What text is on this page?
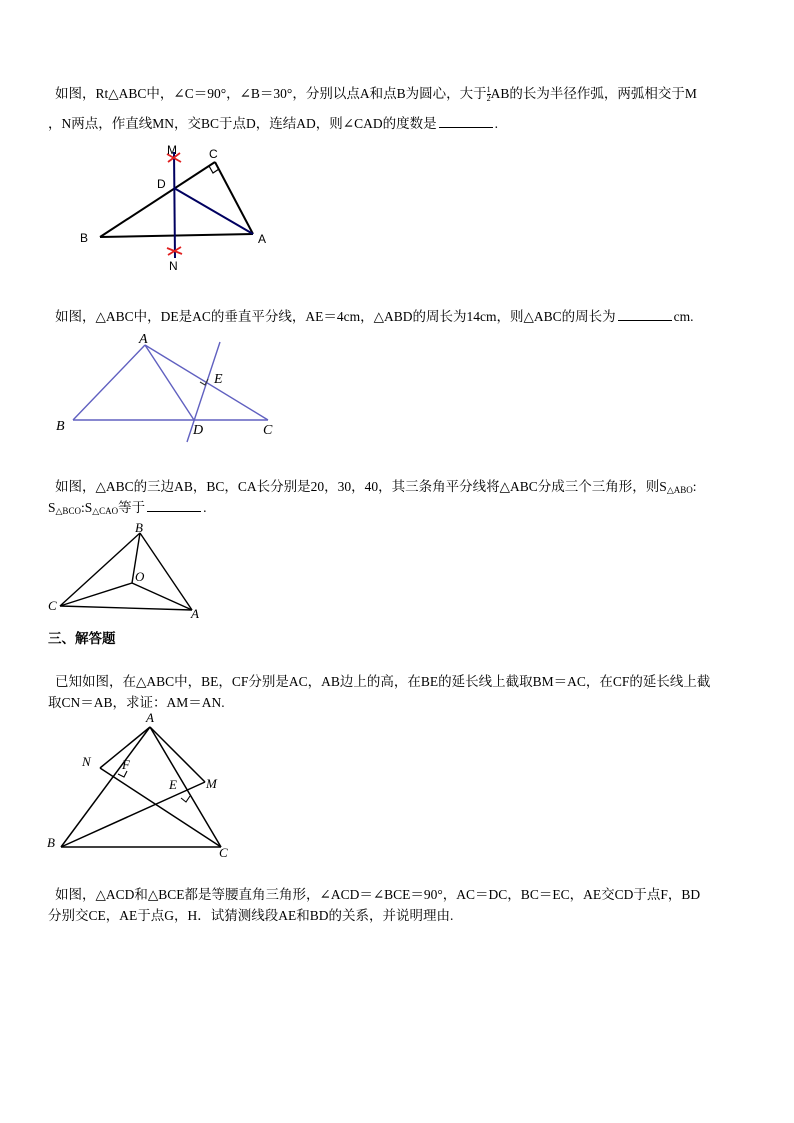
如图，Rt△ABC中，∠C＝90°，∠B＝30°，分别以点A和点B为圆心，大于 $\frac{1}{2}$ AB的长为半径作弧，两弧相交于M
，N两点，作直线MN，交BC于点D，连结AD，则∠CAD的度数是	.
M	C
D
B	A
N
如图，△ABC中，DE是AC的垂直平分线，AE＝4cm，△ABD的周长为14cm，则△ABC的周长为	cm.
A
E
B	D	C
如图，△ABC的三边AB，BC，CA长分别是20，30，40，其三条角平分线将△ABC分成三个三角形，则$S_{\triangle ABO}$:
$S_{\triangle BCO}:S_{\triangle CAO}$等于	.
B
O
C
A
三、解答题
已知如图，在△ABC中，BE，CF分别是AC，AB边上的高，在BE的延长线上截取BM＝AC，在CF的延长线上截
取CN＝AB，求证：AM＝AN.
A
N F
E M
B
C
如图，△ACD和△BCE都是等腰直角三角形，∠ACD＝∠BCE＝90°，AC＝DC，BC＝EC，AE交CD于点F，BD
分别交CE，AE于点G，H．试猜测线段AE和BD的关系，并说明理由.
